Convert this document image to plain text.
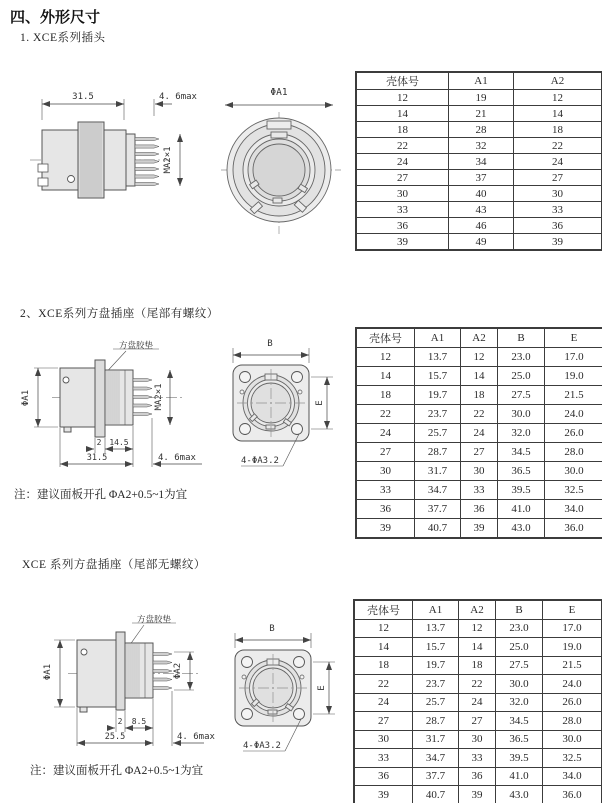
四、外形尺寸
1. XCE系列插头
31.5	4. 6max
MA2×1
ΦA1
壳体号	A1	A2
12	19	12
14	21	14
18	28	18
22	32	22
24	34	24
27	37	27
30	40	30
33	43	33
36	46	36
39	49	39
2、XCE系列方盘插座（尾部有螺纹）
方盘胶垫
ΦA1	MA2×1
2 14.5
31.5	4. 6max
B
E
4-ΦA3.2
壳体号	A1	A2	B	E
12	13.7	12	23.0	17.0
14	15.7	14	25.0	19.0
18	19.7	18	27.5	21.5
22	23.7	22	30.0	24.0
24	25.7	24	32.0	26.0
27	28.7	27	34.5	28.0
30	31.7	30	36.5	30.0
33	34.7	33	39.5	32.5
36	37.7	36	41.0	34.0
39	40.7	39	43.0	36.0
注：建议面板开孔 ΦA2+0.5~1为宜
XCE 系列方盘插座（尾部无螺纹）
方盘胶垫
ΦA1	ΦA2
2 8.5
25.5	4. 6max
B
E
4-ΦA3.2
壳体号	A1	A2	B	E
12	13.7	12	23.0	17.0
14	15.7	14	25.0	19.0
18	19.7	18	27.5	21.5
22	23.7	22	30.0	24.0
24	25.7	24	32.0	26.0
27	28.7	27	34.5	28.0
30	31.7	30	36.5	30.0
33	34.7	33	39.5	32.5
36	37.7	36	41.0	34.0
39	40.7	39	43.0	36.0
注：建议面板开孔 ΦA2+0.5~1为宜
